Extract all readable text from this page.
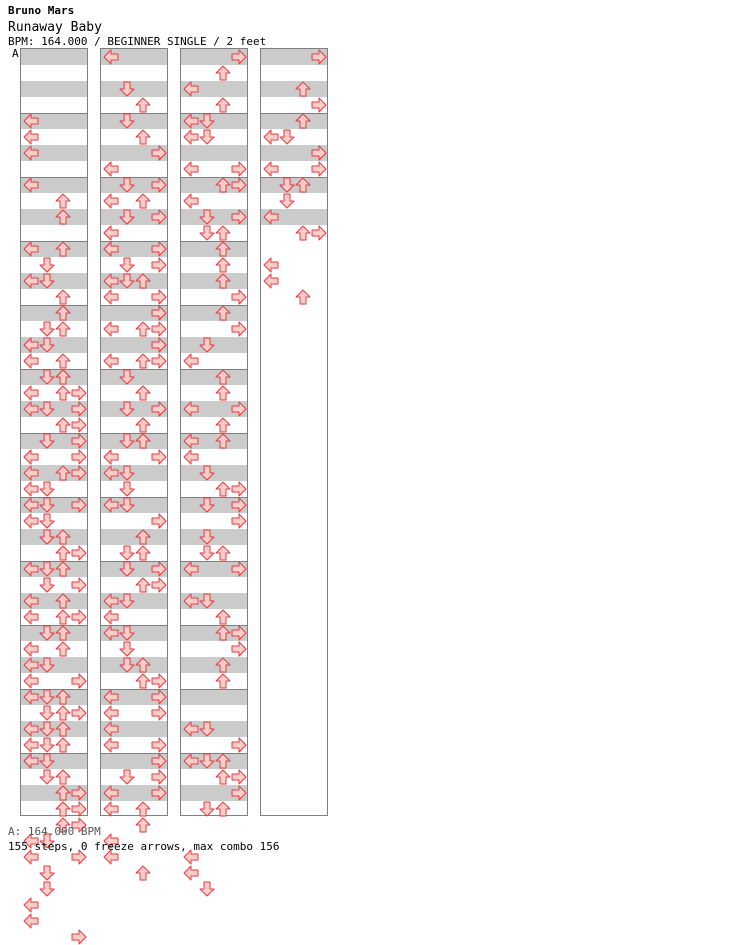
Bruno Mars
Runaway Baby
BPM: 164.000 / BEGINNER SINGLE / 2 feet
A
A: 164.000 BPM
155 steps, 0 freeze arrows, max combo 156
